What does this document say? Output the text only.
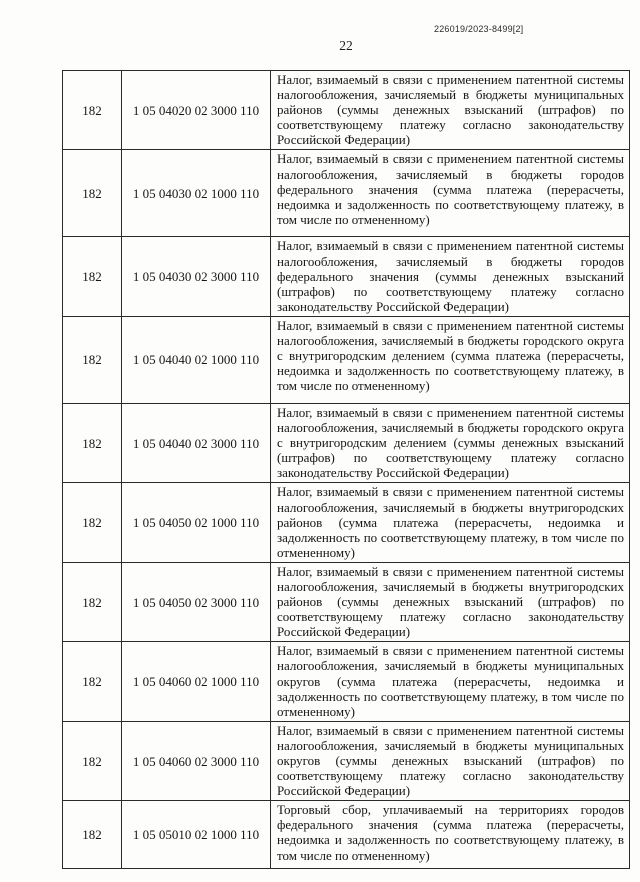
226019/2023-8499[2]
22
182	1 05 04020 02 3000 110	Налог, взимаемый в связи с применением патентной системы налогообложения, зачисляемый в бюджеты муниципальных районов (суммы денежных взысканий (штрафов) по соответствующему платежу согласно законодательству Российской Федерации)
182	1 05 04030 02 1000 110	Налог, взимаемый в связи с применением патентной системы налогообложения, зачисляемый в бюджеты городов федерального значения (сумма платежа (перерасчеты, недоимка и задолженность по соответствующему платежу, в том числе по отмененному)
182	1 05 04030 02 3000 110	Налог, взимаемый в связи с применением патентной системы налогообложения, зачисляемый в бюджеты городов федерального значения (суммы денежных взысканий (штрафов) по соответствующему платежу согласно законодательству Российской Федерации)
182	1 05 04040 02 1000 110	Налог, взимаемый в связи с применением патентной системы налогообложения, зачисляемый в бюджеты городского округа с внутригородским делением (сумма платежа (перерасчеты, недоимка и задолженность по соответствующему платежу, в том числе по отмененному)
182	1 05 04040 02 3000 110	Налог, взимаемый в связи с применением патентной системы налогообложения, зачисляемый в бюджеты городского округа с внутригородским делением (суммы денежных взысканий (штрафов) по соответствующему платежу согласно законодательству Российской Федерации)
182	1 05 04050 02 1000 110	Налог, взимаемый в связи с применением патентной системы налогообложения, зачисляемый в бюджеты внутригородских районов (сумма платежа (перерасчеты, недоимка и задолженность по соответствующему платежу, в том числе по отмененному)
182	1 05 04050 02 3000 110	Налог, взимаемый в связи с применением патентной системы налогообложения, зачисляемый в бюджеты внутригородских районов (суммы денежных взысканий (штрафов) по соответствующему платежу согласно законодательству Российской Федерации)
182	1 05 04060 02 1000 110	Налог, взимаемый в связи с применением патентной системы налогообложения, зачисляемый в бюджеты муниципальных округов (сумма платежа (перерасчеты, недоимка и задолженность по соответствующему платежу, в том числе по отмененному)
182	1 05 04060 02 3000 110	Налог, взимаемый в связи с применением патентной системы налогообложения, зачисляемый в бюджеты муниципальных округов (суммы денежных взысканий (штрафов) по соответствующему платежу согласно законодательству Российской Федерации)
182	1 05 05010 02 1000 110	Торговый сбор, уплачиваемый на территориях городов федерального значения (сумма платежа (перерасчеты, недоимка и задолженность по соответствующему платежу, в том числе по отмененному)
